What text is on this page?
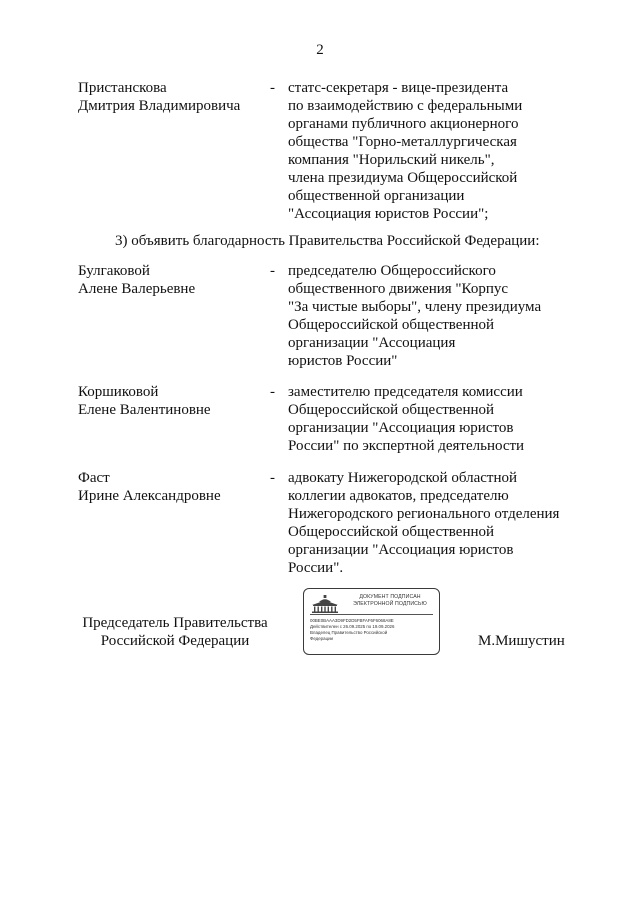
2
Пристанскова
Дмитрия Владимировича
- статс-секретаря - вице-президента
по взаимодействию с федеральными
органами публичного акционерного
общества "Горно-металлургическая
компания "Норильский никель",
члена президиума Общероссийской
общественной организации
"Ассоциация юристов России";
3) объявить благодарность Правительства Российской Федерации:
Булгаковой
Алене Валерьевне
- председателю Общероссийского
общественного движения "Корпус
"За чистые выборы", члену президиума
Общероссийской общественной
организации "Ассоциация
юристов России"
Коршиковой
Елене Валентиновне
- заместителю председателя комиссии
Общероссийской общественной
организации "Ассоциация юристов
России" по экспертной деятельности
Фаст
Ирине Александровне
- адвокату Нижегородской областной
коллегии адвокатов, председателю
Нижегородского регионального отделения
Общероссийской общественной
организации "Ассоциация юристов
России".
Председатель Правительства
Российской Федерации
ДОКУМЕНТ ПОДПИСАН
ЭЛЕКТРОННОЙ ПОДПИСЬЮ
00BE0BAAA3D9FD2D5FBFAF6F6068A8E
Действителен с 26.09.2025 по 19.09.2026
Владелец Правительство Российской
Федерации	М.Мишустин
